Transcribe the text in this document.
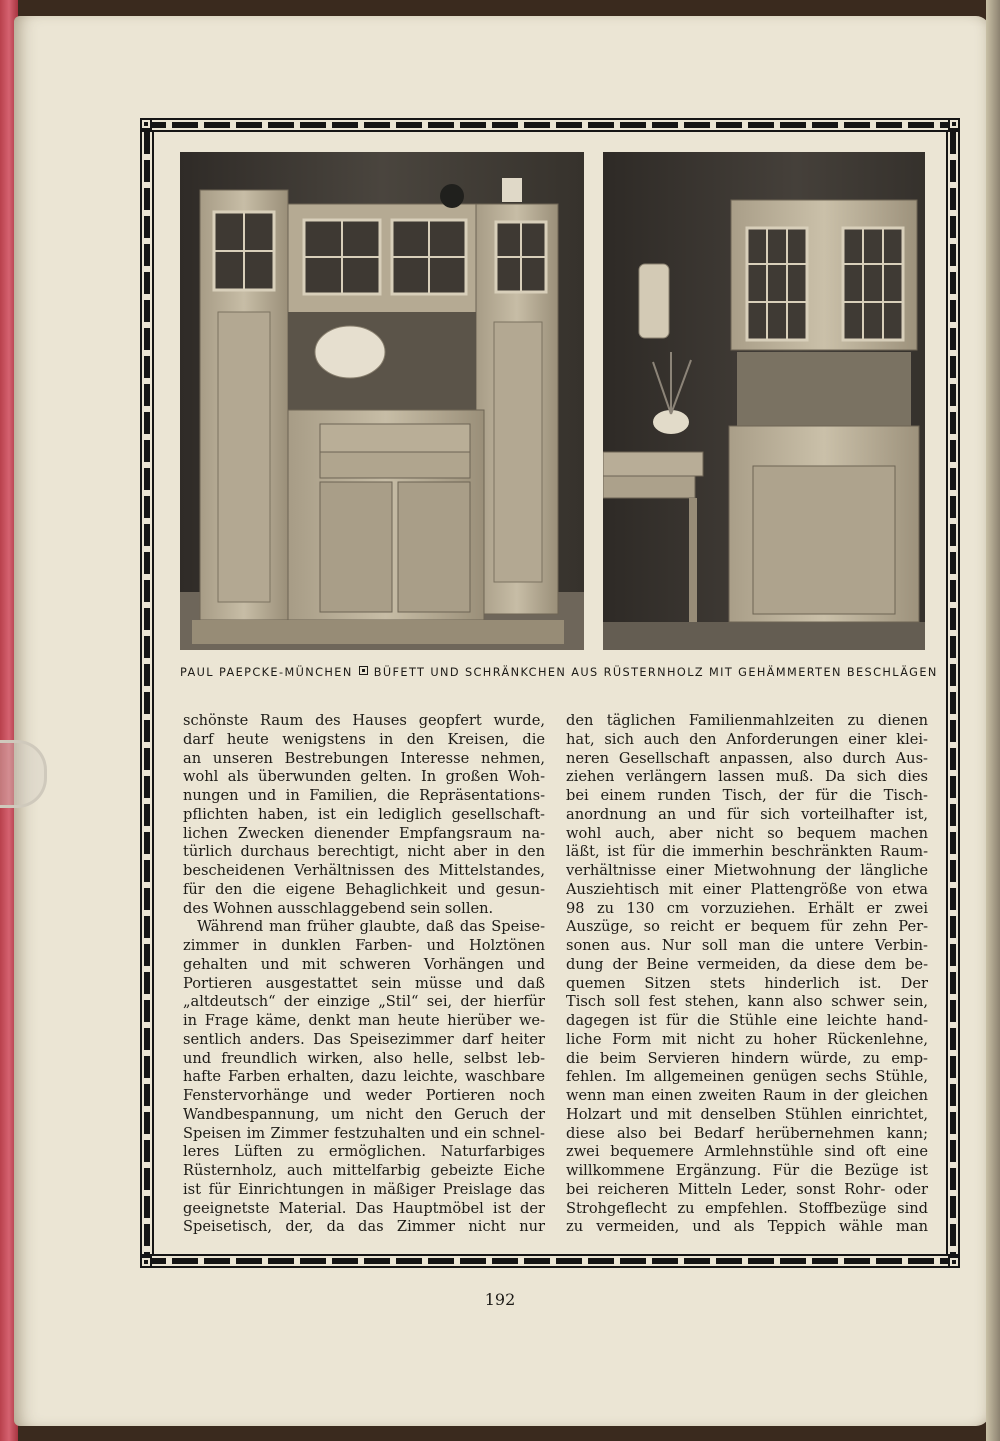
PAUL PAEPCKE-MÜNCHEN BÜFETT UND SCHRÄNKCHEN AUS RÜSTERNHOLZ MIT GEHÄMMERTEN BESCHLÄGEN
schönste Raum des Hauses geopfert wurde,
darf heute wenigstens in den Kreisen, die
an unseren Bestrebungen Interesse nehmen,
wohl als überwunden gelten. In großen Woh-
nungen und in Familien, die Repräsentations-
pflichten haben, ist ein lediglich gesellschaft-
lichen Zwecken dienender Empfangsraum na-
türlich durchaus berechtigt, nicht aber in den
bescheidenen Verhältnissen des Mittelstandes,
für den die eigene Behaglichkeit und gesun-
des Wohnen ausschlaggebend sein sollen.
Während man früher glaubte, daß das Speise-
zimmer in dunklen Farben- und Holztönen
gehalten und mit schweren Vorhängen und
Portieren ausgestattet sein müsse und daß
„altdeutsch“ der einzige „Stil“ sei, der hierfür
in Frage käme, denkt man heute hierüber we-
sentlich anders. Das Speisezimmer darf heiter
und freundlich wirken, also helle, selbst leb-
hafte Farben erhalten, dazu leichte, waschbare
Fenstervorhänge und weder Portieren noch
Wandbespannung, um nicht den Geruch der
Speisen im Zimmer festzuhalten und ein schnel-
leres Lüften zu ermöglichen. Naturfarbiges
Rüsternholz, auch mittelfarbig gebeizte Eiche
ist für Einrichtungen in mäßiger Preislage das
geeignetste Material. Das Hauptmöbel ist der
Speisetisch, der, da das Zimmer nicht nur
den täglichen Familienmahlzeiten zu dienen
hat, sich auch den Anforderungen einer klei-
neren Gesellschaft anpassen, also durch Aus-
ziehen verlängern lassen muß. Da sich dies
bei einem runden Tisch, der für die Tisch-
anordnung an und für sich vorteilhafter ist,
wohl auch, aber nicht so bequem machen
läßt, ist für die immerhin beschränkten Raum-
verhältnisse einer Mietwohnung der längliche
Ausziehtisch mit einer Plattengröße von etwa
98 zu 130 cm vorzuziehen. Erhält er zwei
Auszüge, so reicht er bequem für zehn Per-
sonen aus. Nur soll man die untere Verbin-
dung der Beine vermeiden, da diese dem be-
quemen Sitzen stets hinderlich ist. Der
Tisch soll fest stehen, kann also schwer sein,
dagegen ist für die Stühle eine leichte hand-
liche Form mit nicht zu hoher Rückenlehne,
die beim Servieren hindern würde, zu emp-
fehlen. Im allgemeinen genügen sechs Stühle,
wenn man einen zweiten Raum in der gleichen
Holzart und mit denselben Stühlen einrichtet,
diese also bei Bedarf herübernehmen kann;
zwei bequemere Armlehnstühle sind oft eine
willkommene Ergänzung. Für die Bezüge ist
bei reicheren Mitteln Leder, sonst Rohr- oder
Strohgeflecht zu empfehlen. Stoffbezüge sind
zu vermeiden, und als Teppich wähle man
192
